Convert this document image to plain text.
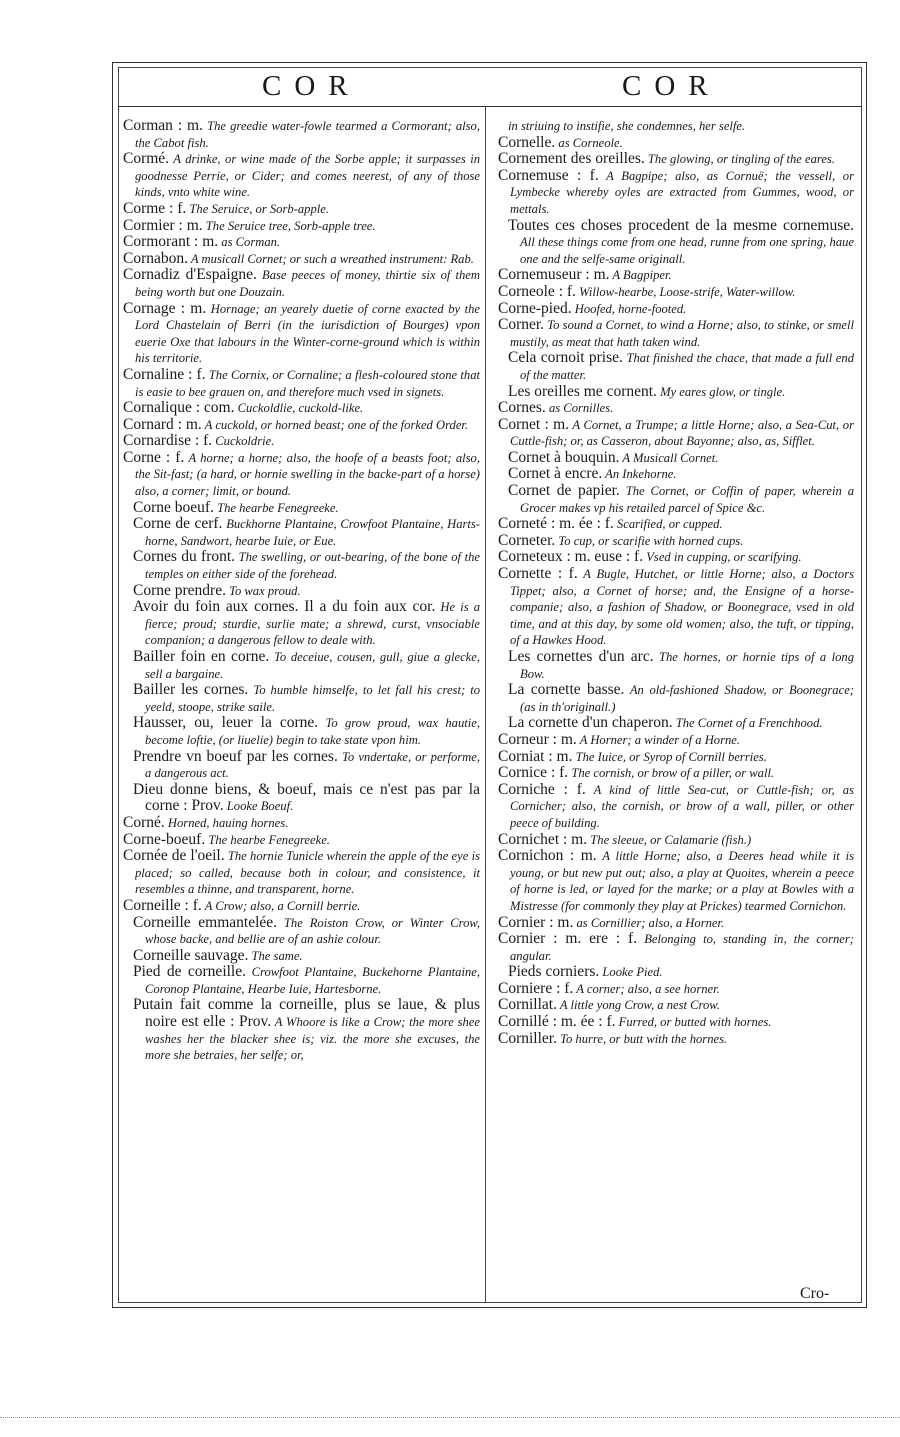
COR	COR

Corman : m. The greedie water-fowle tearmed a Cormorant; also, the Cabot fish.

Cormé. A drinke, or wine made of the Sorbe apple; it surpasses in goodnesse Perrie, or Cider; and comes neerest, of any of those kinds, vnto white wine.

Corme : f. The Seruice, or Sorb-apple.

Cormier : m. The Seruice tree, Sorb-apple tree.

Cormorant : m. as Corman.

Cornabon. A musicall Cornet; or such a wreathed instrument: Rab.

Cornadiz d'Espaigne. Base peeces of money, thirtie six of them being worth but one Douzain.

Cornage : m. Hornage; an yearely duetie of corne exacted by the Lord Chastelain of Berri (in the iurisdiction of Bourges) vpon euerie Oxe that labours in the Winter-corne-ground which is within his territorie.

Cornaline : f. The Cornix, or Cornaline; a flesh-coloured stone that is easie to bee grauen on, and therefore much vsed in signets.

Cornalique : com. Cuckoldlie, cuckold-like.

Cornard : m. A cuckold, or horned beast; one of the forked Order.

Cornardise : f. Cuckoldrie.

Corne : f. A horne; a horne; also, the hoofe of a beasts foot; also, the Sit-fast; (a hard, or hornie swelling in the backe-part of a horse) also, a corner; limit, or bound.

Corne boeuf. The hearbe Fenegreeke.

Corne de cerf. Buckhorne Plantaine, Crowfoot Plantaine, Harts-horne, Sandwort, hearbe Iuie, or Eue.

Cornes du front. The swelling, or out-bearing, of the bone of the temples on either side of the forehead.

Corne prendre. To wax proud.

Avoir du foin aux cornes. Il a du foin aux cor. He is a fierce; proud; sturdie, surlie mate; a shrewd, curst, vnsociable companion; a dangerous fellow to deale with.

Bailler foin en corne. To deceiue, cousen, gull, giue a glecke, sell a bargaine.

Bailler les cornes. To humble himselfe, to let fall his crest; to yeeld, stoope, strike saile.

Hausser, ou, leuer la corne. To grow proud, wax hautie, become loftie, (or liuelie) begin to take state vpon him.

Prendre vn boeuf par les cornes. To vndertake, or performe, a dangerous act.

Dieu donne biens, & boeuf, mais ce n'est pas par la corne : Prov. Looke Boeuf.

Corné. Horned, hauing hornes.

Corne-boeuf. The hearbe Fenegreeke.

Cornée de l'oeil. The hornie Tunicle wherein the apple of the eye is placed; so called, because both in colour, and consistence, it resembles a thinne, and transparent, horne.

Corneille : f. A Crow; also, a Cornill berrie.

Corneille emmantelée. The Roiston Crow, or Winter Crow, whose backe, and bellie are of an ashie colour.

Corneille sauvage. The same.

Pied de corneille. Crowfoot Plantaine, Buckehorne Plantaine, Coronop Plantaine, Hearbe Iuie, Hartesborne.

Putain fait comme la corneille, plus se laue, & plus noire est elle : Prov. A Whoore is like a Crow; the more shee washes her the blacker shee is; viz. the more she excuses, the more she betraies, her selfe; or,

in striuing to instifie, she condemnes, her selfe.

Cornelle. as Corneole.

Cornement des oreilles. The glowing, or tingling of the eares.

Cornemuse : f. A Bagpipe; also, as Cornuë; the vessell, or Lymbecke whereby oyles are extracted from Gummes, wood, or mettals.

Toutes ces choses procedent de la mesme cornemuse. All these things come from one head, runne from one spring, haue one and the selfe-same originall.

Cornemuseur : m. A Bagpiper.

Corneole : f. Willow-hearbe, Loose-strife, Water-willow.

Corne-pied. Hoofed, horne-footed.

Corner. To sound a Cornet, to wind a Horne; also, to stinke, or smell mustily, as meat that hath taken wind.

Cela cornoit prise. That finished the chace, that made a full end of the matter.

Les oreilles me cornent. My eares glow, or tingle.

Cornes. as Cornilles.

Cornet : m. A Cornet, a Trumpe; a little Horne; also, a Sea-Cut, or Cuttle-fish; or, as Casseron, about Bayonne; also, as, Sifflet.

Cornet à bouquin. A Musicall Cornet.

Cornet à encre. An Inkehorne.

Cornet de papier. The Cornet, or Coffin of paper, wherein a Grocer makes vp his retailed parcel of Spice &c.

Corneté : m. ée : f. Scarified, or cupped.

Corneter. To cup, or scarifie with horned cups.

Corneteux : m. euse : f. Vsed in cupping, or scarifying.

Cornette : f. A Bugle, Hutchet, or little Horne; also, a Doctors Tippet; also, a Cornet of horse; and, the Ensigne of a horse-companie; also, a fashion of Shadow, or Boonegrace, vsed in old time, and at this day, by some old women; also, the tuft, or tipping, of a Hawkes Hood.

Les cornettes d'un arc. The hornes, or hornie tips of a long Bow.

La cornette basse. An old-fashioned Shadow, or Boonegrace; (as in th'originall.)

La cornette d'un chaperon. The Cornet of a Frenchhood.

Corneur : m. A Horner; a winder of a Horne.

Corniat : m. The Iuice, or Syrop of Cornill berries.

Cornice : f. The cornish, or brow of a piller, or wall.

Corniche : f. A kind of little Sea-cut, or Cuttle-fish; or, as Cornicher; also, the cornish, or brow of a wall, piller, or other peece of building.

Cornichet : m. The sleeue, or Calamarie (fish.)

Cornichon : m. A little Horne; also, a Deeres head while it is young, or but new put out; also, a play at Quoites, wherein a peece of horne is led, or layed for the marke; or a play at Bowles with a Mistresse (for commonly they play at Prickes) tearmed Cornichon.

Cornier : m. as Cornillier; also, a Horner.

Cornier : m. ere : f. Belonging to, standing in, the corner; angular.

Pieds corniers. Looke Pied.

Corniere : f. A corner; also, a see horner.

Cornillat. A little yong Crow, a nest Crow.

Cornillé : m. ée : f. Furred, or butted with hornes.

Corniller. To hurre, or butt with the hornes.

Cro-
